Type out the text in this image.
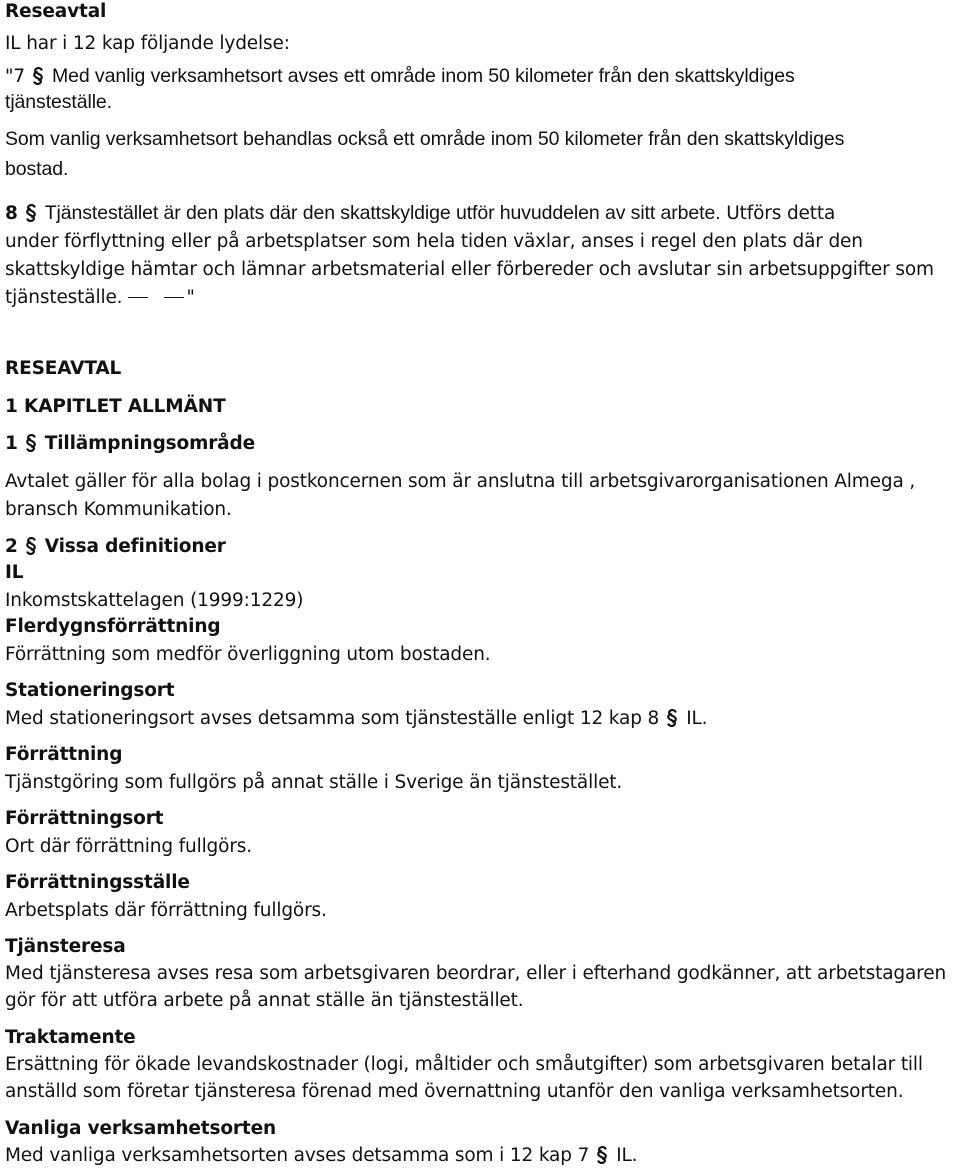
Reseavtal

IL har i 12 kap följande lydelse:

"7 Med vanlig verksamhetsort avses ett område inom 50 kilometer från den skattskyldiges

tjänsteställe.

Som vanlig verksamhetsort behandlas också ett område inom 50 kilometer från den skattskyldiges

bostad.

8 Tjänstestället är den plats där den skattskyldige utför huvuddelen av sitt arbete. Utförs detta

under förflyttning eller på arbetsplatser som hela tiden växlar, anses i regel den plats där den

skattskyldige hämtar och lämnar arbetsmaterial eller förbereder och avslutar sin arbetsuppgifter som

tjänsteställe.	"

RESEAVTAL

1 KAPITLET ALLMÄNT

1 Tillämpningsområde

Avtalet gäller för alla bolag i postkoncernen som är anslutna till arbetsgivarorganisationen Almega ,

bransch Kommunikation.

2 Vissa definitioner

IL

Inkomstskattelagen (1999:1229)

Flerdygnsförrättning

Förrättning som medför överliggning utom bostaden.

Stationeringsort

Med stationeringsort avses detsamma som tjänsteställe enligt 12 kap 8 IL.

Förrättning

Tjänstgöring som fullgörs på annat ställe i Sverige än tjänstestället.

Förrättningsort

Ort där förrättning fullgörs.

Förrättningsställe

Arbetsplats där förrättning fullgörs.

Tjänsteresa

Med tjänsteresa avses resa som arbetsgivaren beordrar, eller i efterhand godkänner, att arbetstagaren

gör för att utföra arbete på annat ställe än tjänstestället.

Traktamente

Ersättning för ökade levandskostnader (logi, måltider och småutgifter) som arbetsgivaren betalar till

anställd som företar tjänsteresa förenad med övernattning utanför den vanliga verksamhetsorten.

Vanliga verksamhetsorten

Med vanliga verksamhetsorten avses detsamma som i 12 kap 7 IL.
